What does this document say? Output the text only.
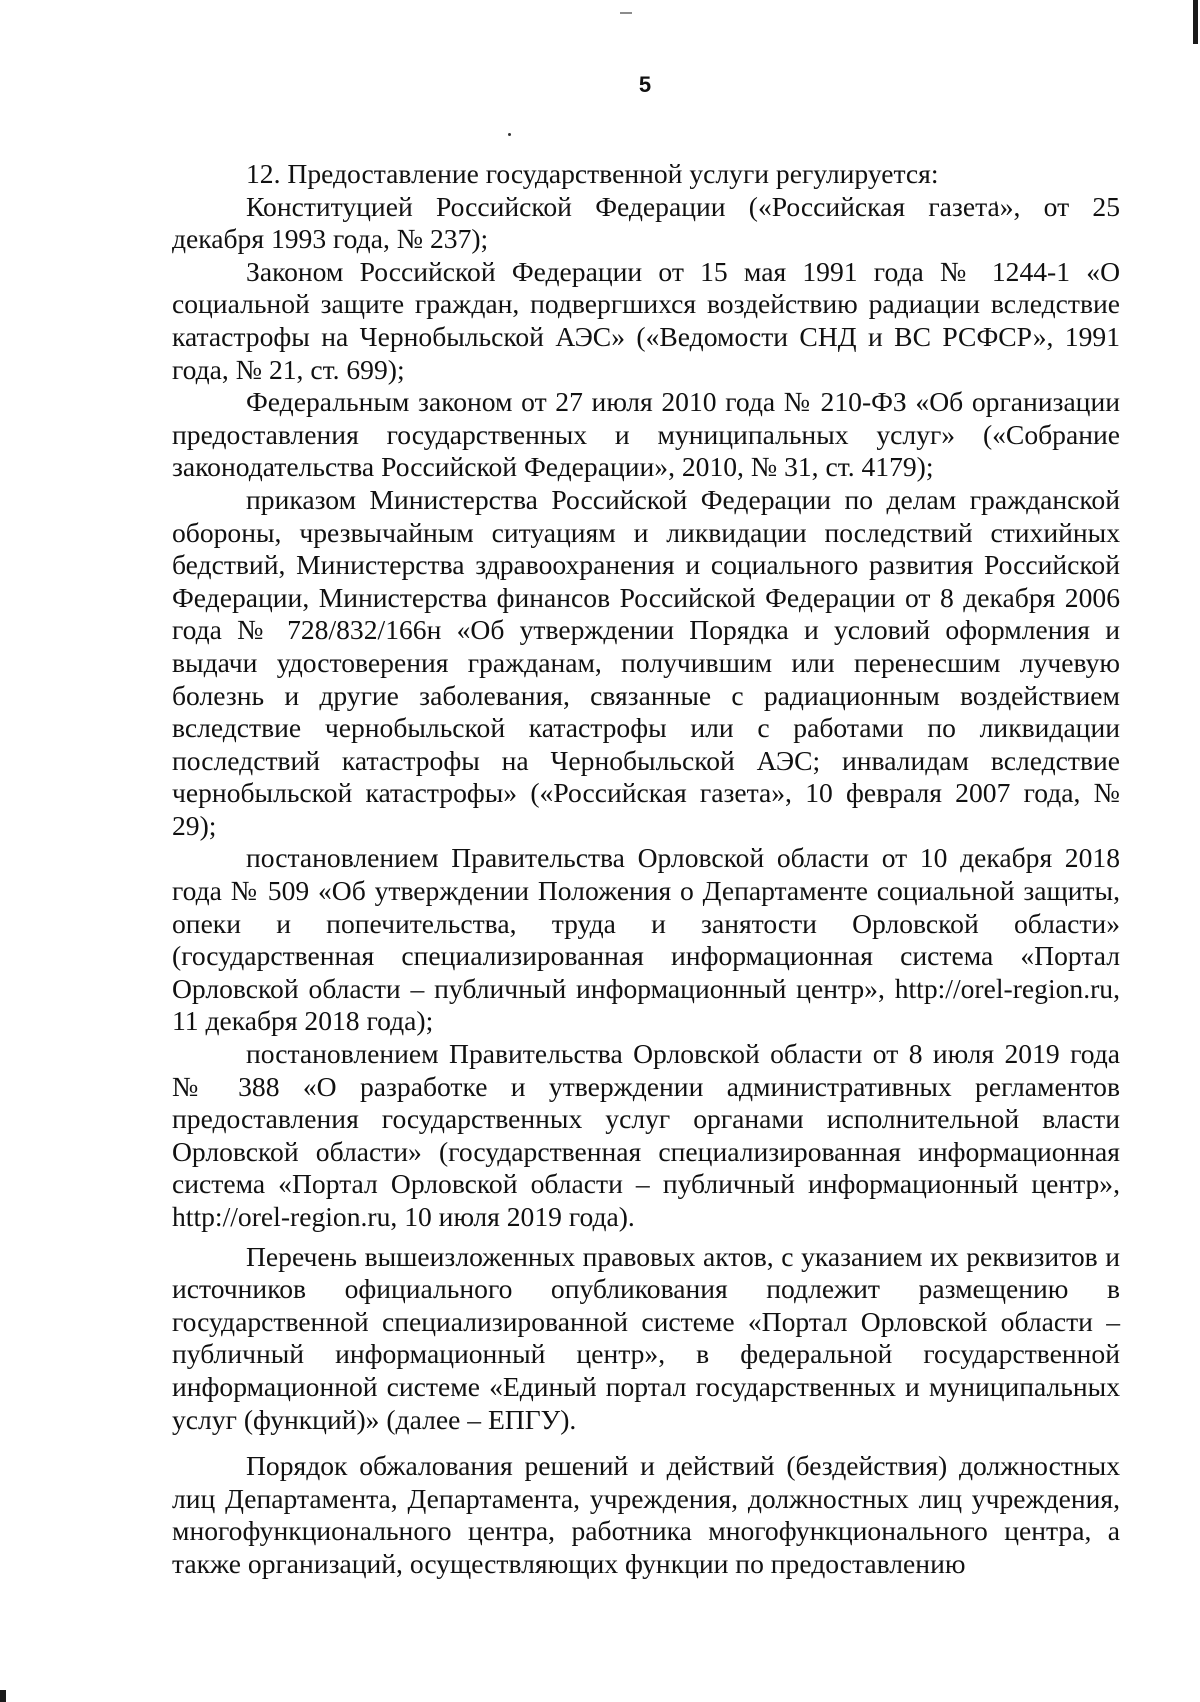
5

12. Предоставление государственной услуги регулируется:

Конституцией Российской Федерации («Российская газета», от 25 декабря 1993 года, № 237);

Законом Российской Федерации от 15 мая 1991 года № 1244-1 «О социальной защите граждан, подвергшихся воздействию радиации вследствие катастрофы на Чернобыльской АЭС» («Ведомости СНД и ВС РСФСР», 1991 года, № 21, ст. 699);

Федеральным законом от 27 июля 2010 года № 210-ФЗ «Об организации предоставления государственных и муниципальных услуг» («Собрание законодательства Российской Федерации», 2010, № 31, ст. 4179);

приказом Министерства Российской Федерации по делам гражданской обороны, чрезвычайным ситуациям и ликвидации последствий стихийных бедствий, Министерства здравоохранения и социального развития Российской Федерации, Министерства финансов Российской Федерации от 8 декабря 2006 года № 728/832/166н «Об утверждении Порядка и условий оформления и выдачи удостоверения гражданам, получившим или перенесшим лучевую болезнь и другие заболевания, связанные с радиационным воздействием вследствие чернобыльской катастрофы или с работами по ликвидации последствий катастрофы на Чернобыльской АЭС; инвалидам вследствие чернобыльской катастрофы» («Российская газета», 10 февраля 2007 года, № 29);

постановлением Правительства Орловской области от 10 декабря 2018 года № 509 «Об утверждении Положения о Департаменте социальной защиты, опеки и попечительства, труда и занятости Орловской области» (государственная специализированная информационная система «Портал Орловской области – публичный информационный центр», http://orel-region.ru, 11 декабря 2018 года);

постановлением Правительства Орловской области от 8 июля 2019 года № 388 «О разработке и утверждении административных регламентов предоставления государственных услуг органами исполнительной власти Орловской области» (государственная специализированная информационная система «Портал Орловской области – публичный информационный центр», http://orel-region.ru, 10 июля 2019 года).

Перечень вышеизложенных правовых актов, с указанием их реквизитов и источников официального опубликования подлежит размещению в государственной специализированной системе «Портал Орловской области – публичный информационный центр», в федеральной государственной информационной системе «Единый портал государственных и муниципальных услуг (функций)» (далее – ЕПГУ).

Порядок обжалования решений и действий (бездействия) должностных лиц Департамента, Департамента, учреждения, должностных лиц учреждения, многофункционального центра, работника многофункционального центра, а также организаций, осуществляющих функции по предоставлению
